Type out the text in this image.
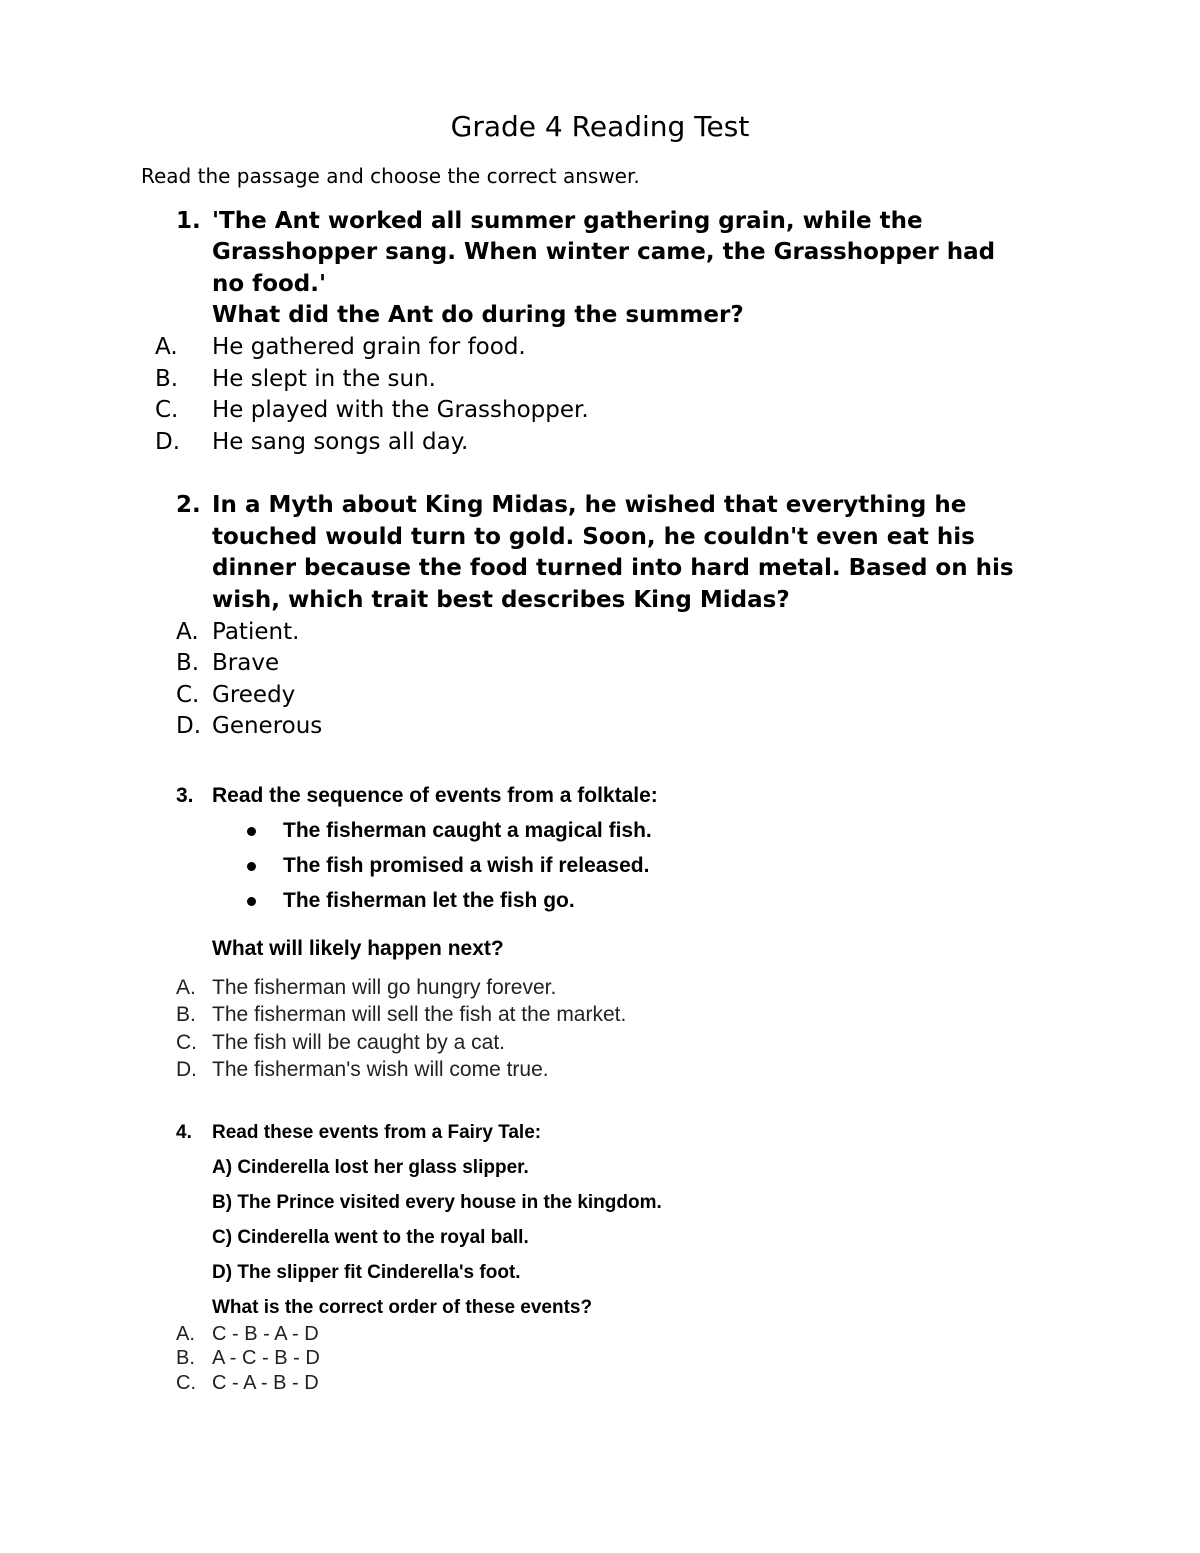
Grade 4 Reading Test
Read the passage and choose the correct answer.
1. 'The Ant worked all summer gathering grain, while the
Grasshopper sang. When winter came, the Grasshopper had
no food.'
What did the Ant do during the summer?
A. He gathered grain for food.
B. He slept in the sun.
C. He played with the Grasshopper.
D. He sang songs all day.
2. In a Myth about King Midas, he wished that everything he
touched would turn to gold. Soon, he couldn't even eat his
dinner because the food turned into hard metal. Based on his
wish, which trait best describes King Midas?
A. Patient.
B. Brave
C. Greedy
D. Generous
3. Read the sequence of events from a folktale:
The fisherman caught a magical fish.
The fish promised a wish if released.
The fisherman let the fish go.
What will likely happen next?
A. The fisherman will go hungry forever.
B. The fisherman will sell the fish at the market.
C. The fish will be caught by a cat.
D. The fisherman's wish will come true.
4. Read these events from a Fairy Tale:
A) Cinderella lost her glass slipper.
B) The Prince visited every house in the kingdom.
C) Cinderella went to the royal ball.
D) The slipper fit Cinderella's foot.
What is the correct order of these events?
A. C - B - A - D
B. A - C - B - D
C. C - A - B - D
